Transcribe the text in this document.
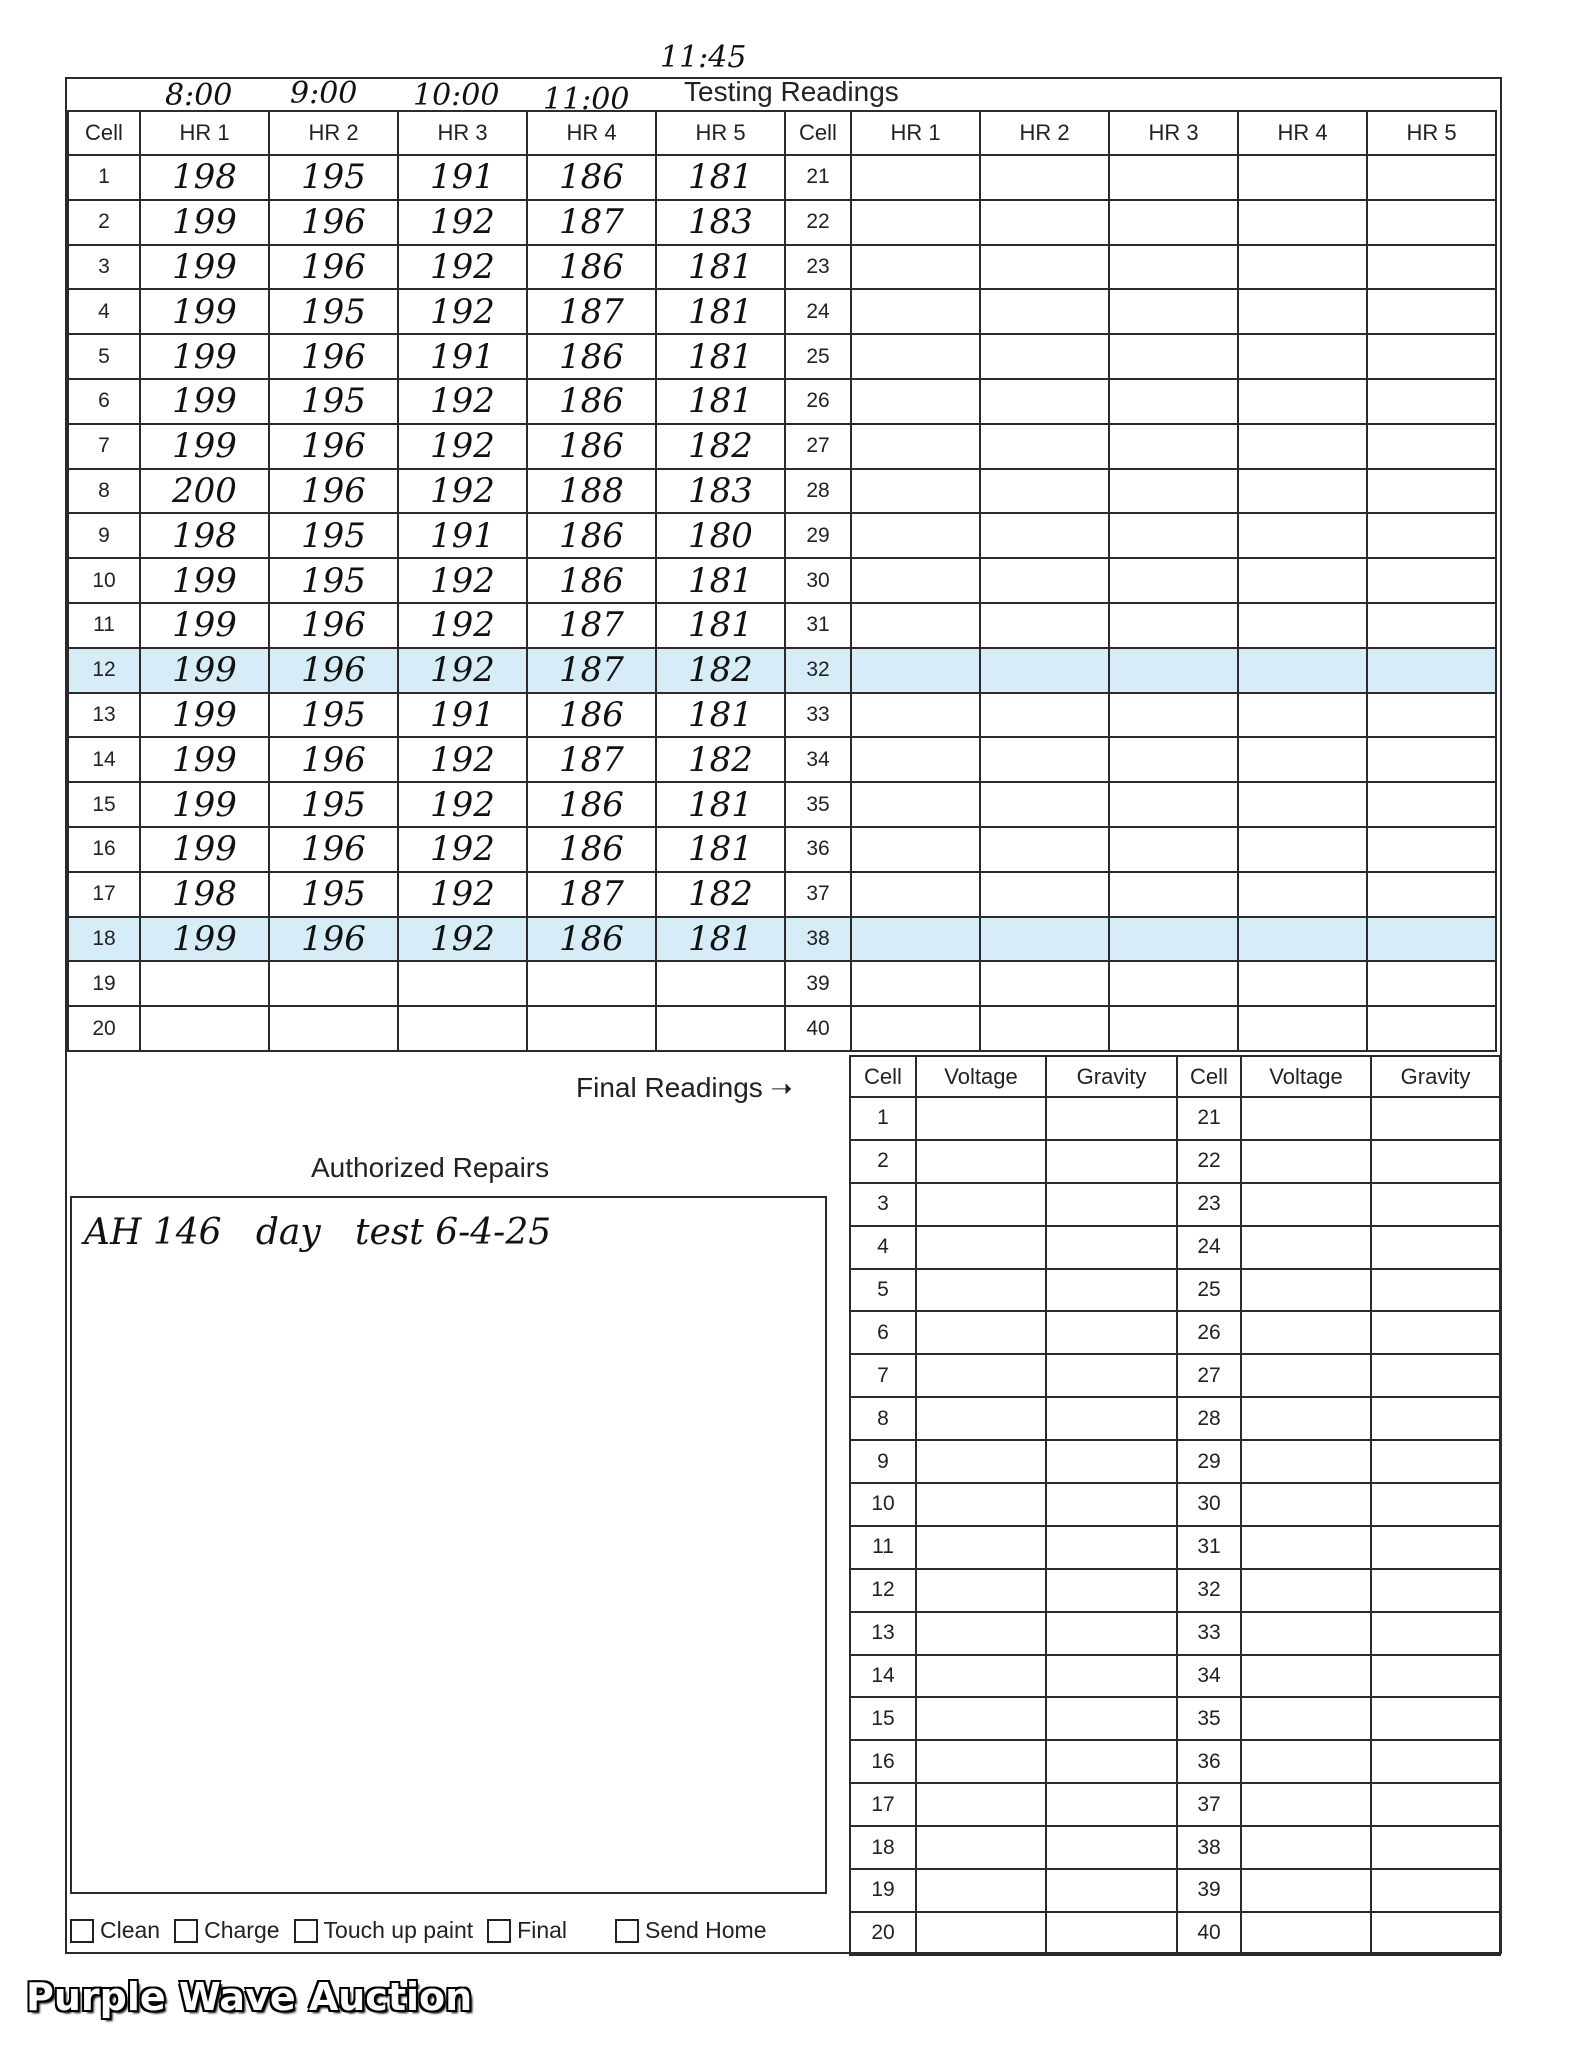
11:45
8:00 9:00 10:00 11:00 Testing Readings
Cell	HR 1	HR 2	HR 3	HR 4	HR 5	Cell	HR 1	HR 2	HR 3	HR 4	HR 5
1	198	195	191	186	181	21					
2	199	196	192	187	183	22					
3	199	196	192	186	181	23					
4	199	195	192	187	181	24					
5	199	196	191	186	181	25					
6	199	195	192	186	181	26					
7	199	196	192	186	182	27					
8	200	196	192	188	183	28					
9	198	195	191	186	180	29					
10	199	195	192	186	181	30					
11	199	196	192	187	181	31					
12	199	196	192	187	182	32					
13	199	195	191	186	181	33					
14	199	196	192	187	182	34					
15	199	195	192	186	181	35					
16	199	196	192	186	181	36					
17	198	195	192	187	182	37					
18	199	196	192	186	181	38					
19						39					
20						40					
Final Readings ➝	Cell	Voltage	Gravity	Cell	Voltage	Gravity
1			21		
2			22		
3			23		
4			24		
5			25		
6			26		
7			27		
8			28		
9			29		
10			30		
11			31		
12			32		
13			33		
14			34		
15			35		
16			36		
17			37		
18			38		
19			39		
20			40		
Authorized Repairs
AH 146   day   test 6-4-25
Clean Charge Touch up paint Final	Send Home
Purple Wave Auction
